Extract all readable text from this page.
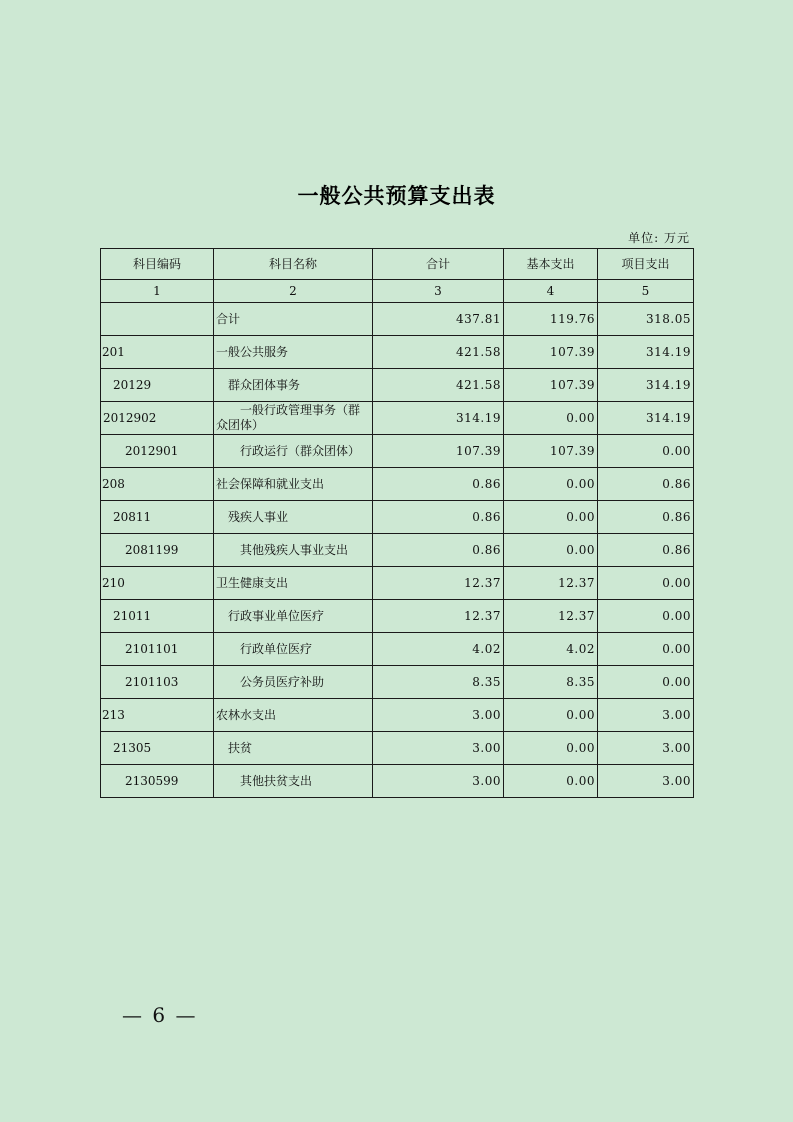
一般公共预算支出表
单位: 万元
科目编码	科目名称	合计	基本支出	项目支出
1	2	3	4	5
	合计	437.81	119.76	318.05
201	一般公共服务	421.58	107.39	314.19
20129	群众团体事务	421.58	107.39	314.19
2012902	一般行政管理事务（群众团体）	314.19	0.00	314.19
2012901	行政运行（群众团体）	107.39	107.39	0.00
208	社会保障和就业支出	0.86	0.00	0.86
20811	残疾人事业	0.86	0.00	0.86
2081199	其他残疾人事业支出	0.86	0.00	0.86
210	卫生健康支出	12.37	12.37	0.00
21011	行政事业单位医疗	12.37	12.37	0.00
2101101	行政单位医疗	4.02	4.02	0.00
2101103	公务员医疗补助	8.35	8.35	0.00
213	农林水支出	3.00	0.00	3.00
21305	扶贫	3.00	0.00	3.00
2130599	其他扶贫支出	3.00	0.00	3.00
— 6 —
